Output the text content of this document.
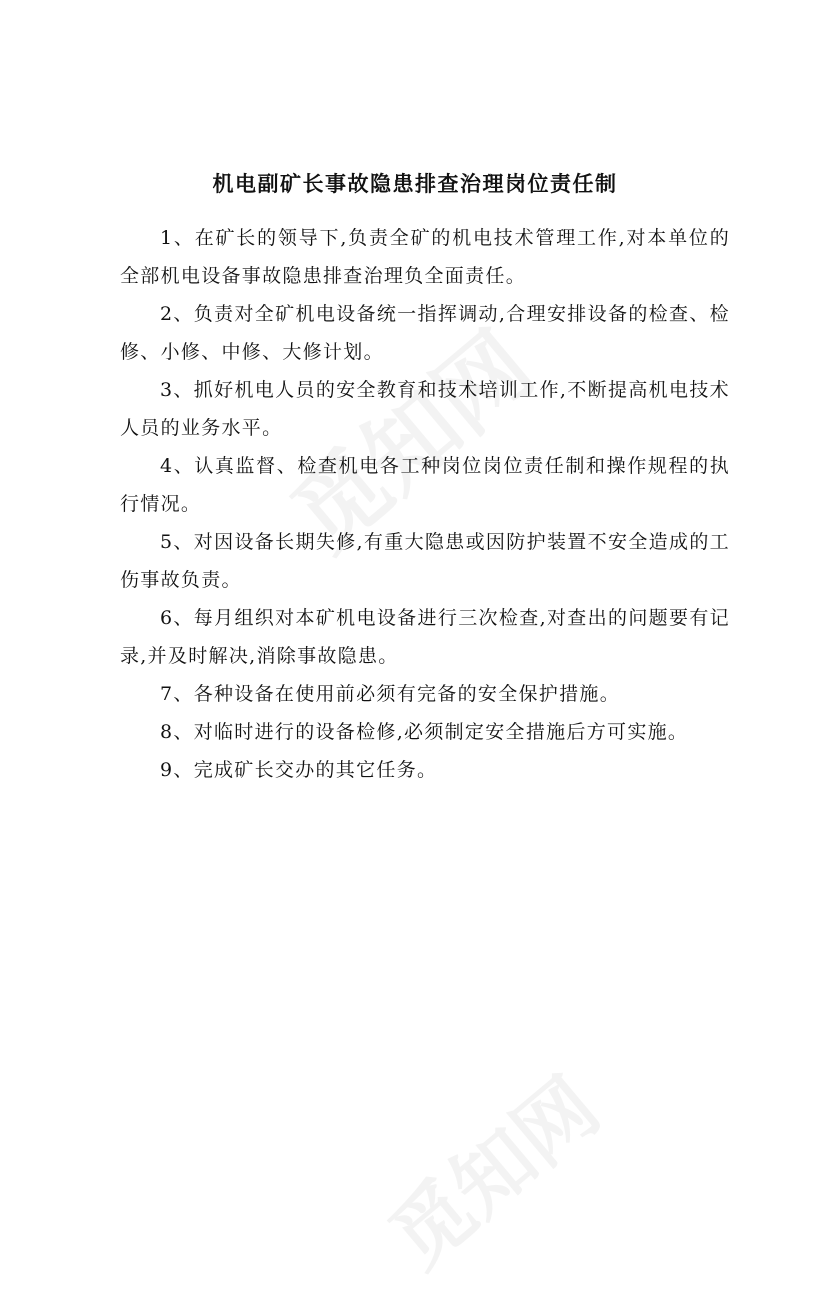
机电副矿长事故隐患排查治理岗位责任制

1、在矿长的领导下,负责全矿的机电技术管理工作,对本单位的全部机电设备事故隐患排查治理负全面责任。

2、负责对全矿机电设备统一指挥调动,合理安排设备的检查、检修、小修、中修、大修计划。

3、抓好机电人员的安全教育和技术培训工作,不断提高机电技术人员的业务水平。

4、认真监督、检查机电各工种岗位岗位责任制和操作规程的执行情况。

5、对因设备长期失修,有重大隐患或因防护装置不安全造成的工伤事故负责。

6、每月组织对本矿机电设备进行三次检查,对查出的问题要有记录,并及时解决,消除事故隐患。

7、各种设备在使用前必须有完备的安全保护措施。

8、对临时进行的设备检修,必须制定安全措施后方可实施。

9、完成矿长交办的其它任务。
